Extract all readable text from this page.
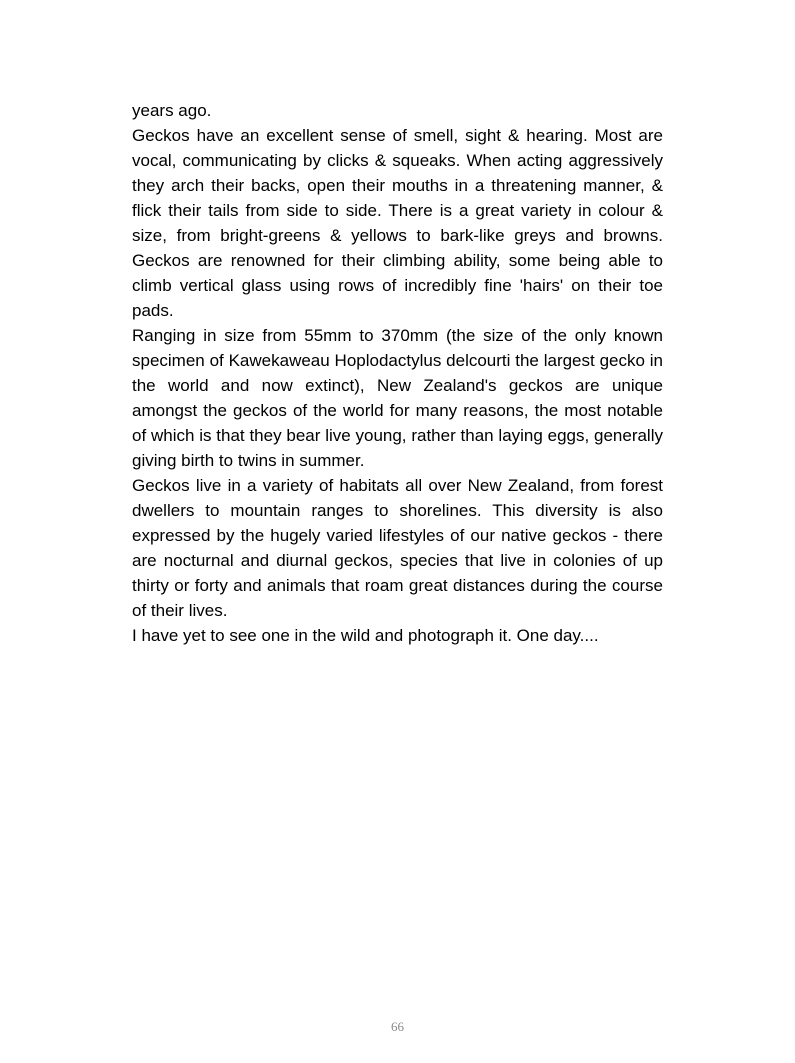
years ago.

Geckos have an excellent sense of smell, sight & hearing. Most are vocal, communicating by clicks & squeaks. When acting aggressively they arch their backs, open their mouths in a threatening manner, & flick their tails from side to side. There is a great variety in colour & size, from bright-greens & yellows to bark-like greys and browns. Geckos are renowned for their climbing ability, some being able to climb vertical glass using rows of incredibly fine 'hairs' on their toe pads.

Ranging in size from 55mm to 370mm (the size of the only known specimen of Kawekaweau Hoplodactylus delcourti the largest gecko in the world and now extinct), New Zealand's geckos are unique amongst the geckos of the world for many reasons, the most notable of which is that they bear live young, rather than laying eggs, generally giving birth to twins in summer.

Geckos live in a variety of habitats all over New Zealand, from forest dwellers to mountain ranges to shorelines. This diversity is also expressed by the hugely varied lifestyles of our native geckos - there are nocturnal and diurnal geckos, species that live in colonies of up thirty or forty and animals that roam great distances during the course of their lives.

I have yet to see one in the wild and photograph it. One day....

66
